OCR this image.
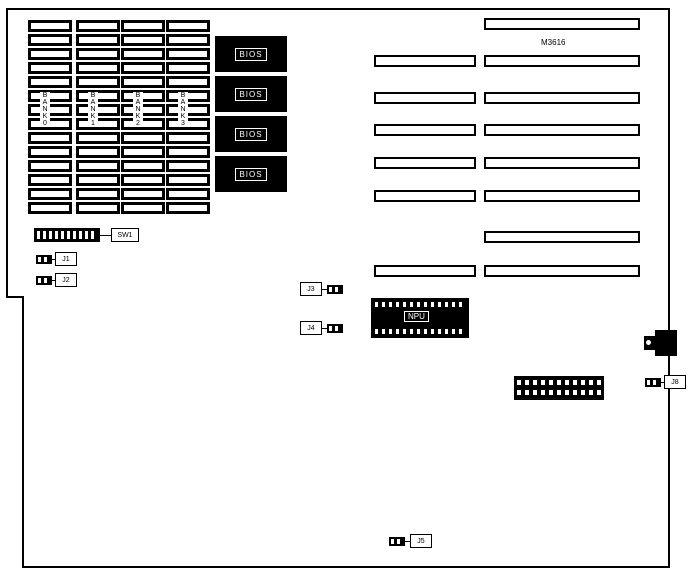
B
A
N
K
0
B
A
N
K
1
B
A
N
K
2
B
A
N
K
3
BIOS
BIOS
BIOS
BIOS
M3616
SW1
J1
J2
J3
J4
NPU
J8
J5
